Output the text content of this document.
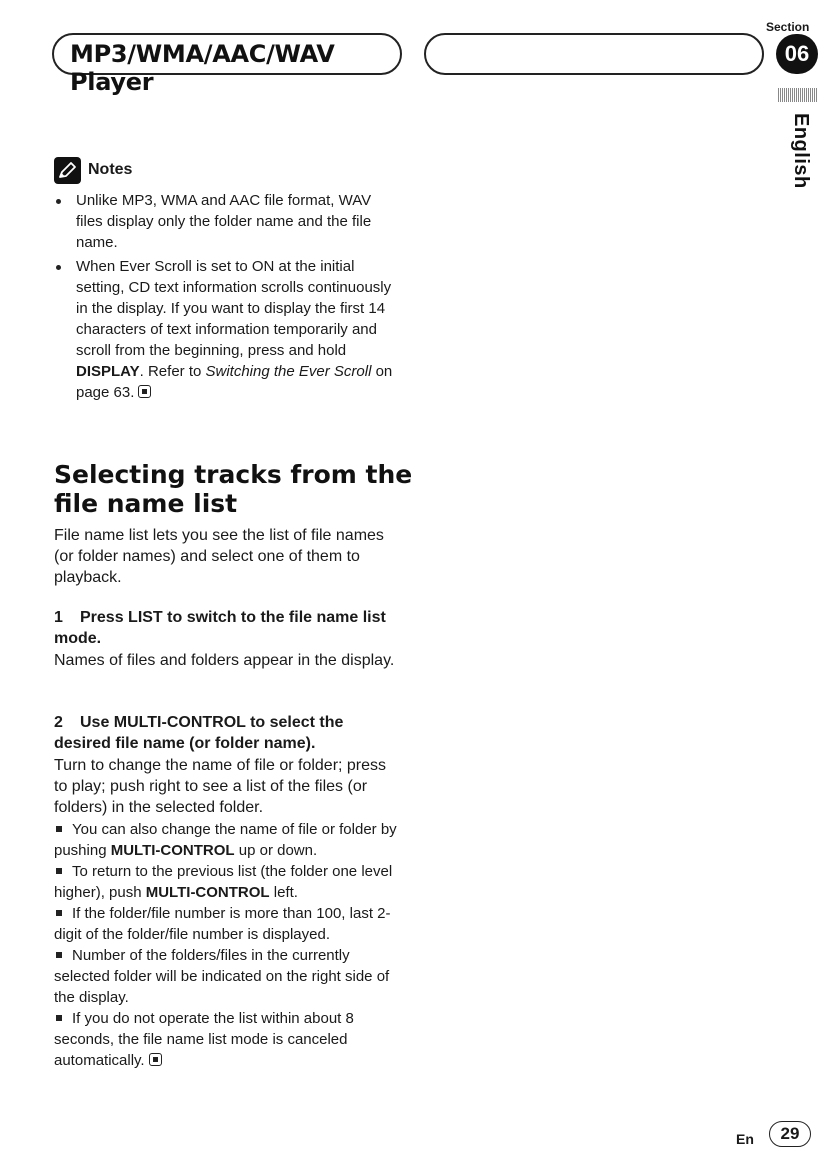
MP3/WMA/AAC/WAV Player
Section
06
English
Notes
Unlike MP3, WMA and AAC file format, WAV files display only the folder name and the file name.
When Ever Scroll is set to ON at the initial setting, CD text information scrolls continuously in the display. If you want to display the first 14 characters of text information temporarily and scroll from the beginning, press and hold DISPLAY. Refer to Switching the Ever Scroll on page 63.
Selecting tracks from the file name list
File name list lets you see the list of file names (or folder names) and select one of them to playback.
1 Press LIST to switch to the file name list mode.
Names of files and folders appear in the display.
2 Use MULTI-CONTROL to select the desired file name (or folder name).
Turn to change the name of file or folder; press to play; push right to see a list of the files (or folders) in the selected folder.

You can also change the name of file or folder by pushing MULTI-CONTROL up or down.

To return to the previous list (the folder one level higher), push MULTI-CONTROL left.

If the folder/file number is more than 100, last 2-digit of the folder/file number is displayed.

Number of the folders/files in the currently selected folder will be indicated on the right side of the display.

If you do not operate the list within about 8 seconds, the file name list mode is canceled automatically.

En	29
